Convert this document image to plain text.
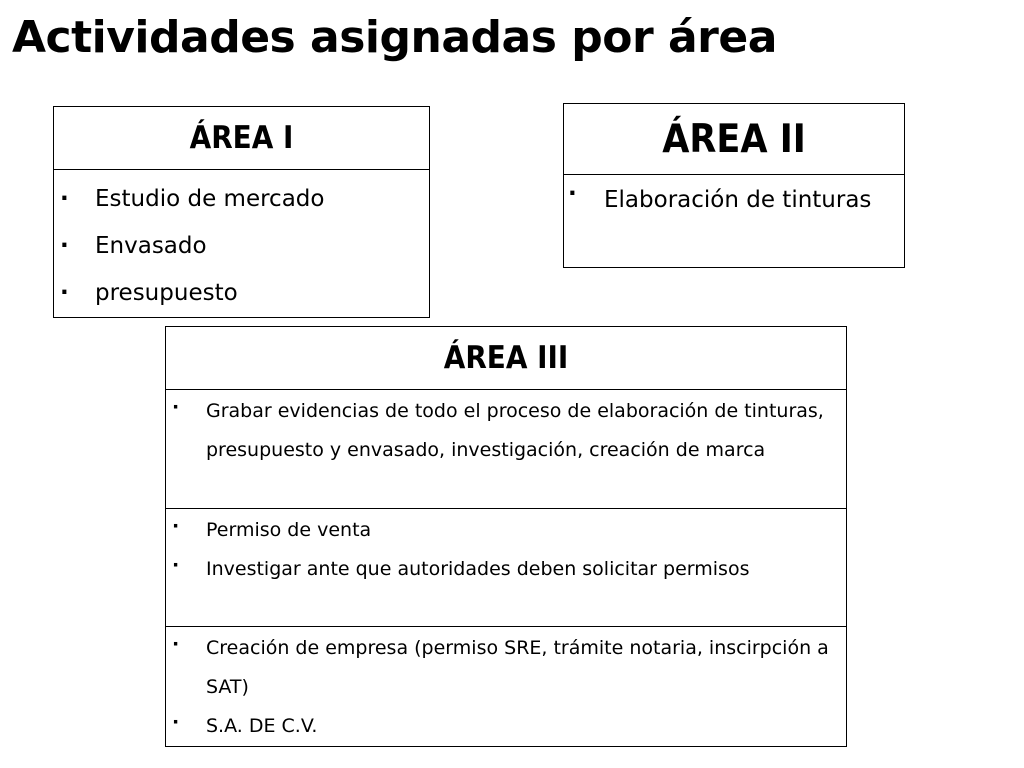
Actividades asignadas por área
ÁREA I

· Estudio de mercado
· Envasado
· presupuesto
ÁREA II

· Elaboración de tinturas
ÁREA III

· Grabar evidencias de todo el proceso de elaboración de tinturas, presupuesto y envasado, investigación, creación de marca

· Permiso de venta
· Investigar ante que autoridades deben solicitar permisos

· Creación de empresa (permiso SRE, trámite notaria, inscirpción a SAT)
· S.A. DE C.V.
